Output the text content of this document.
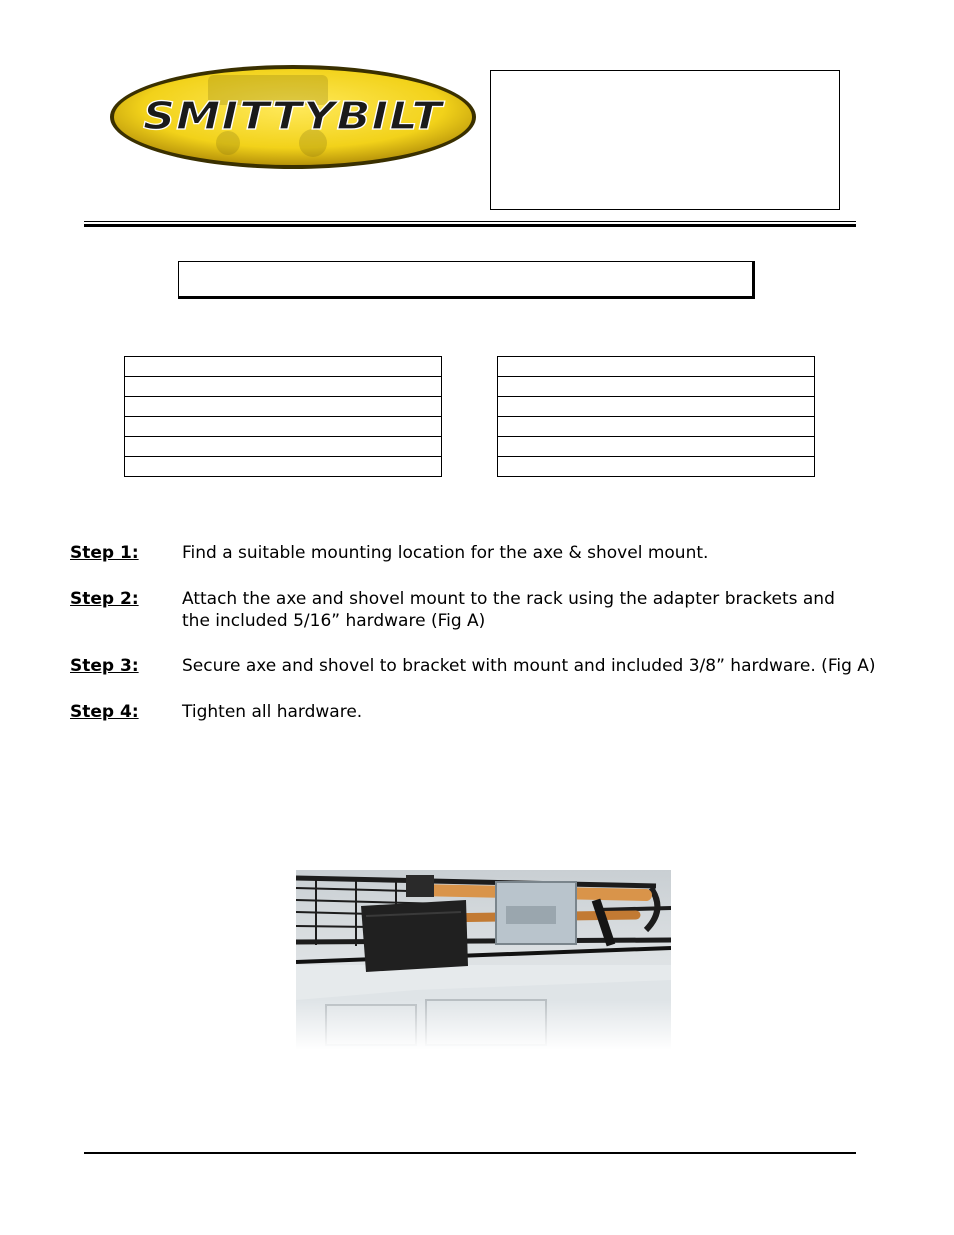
SMITTYBILT

Step 1:	Find a suitable mounting location for the axe & shovel mount.
Step 2:	Attach the axe and shovel mount to the rack using the adapter brackets and
the included 5/16” hardware (Fig A)
Step 3:	Secure axe and shovel to bracket with mount and included 3/8” hardware. (Fig A)
Step 4:	Tighten all hardware.
